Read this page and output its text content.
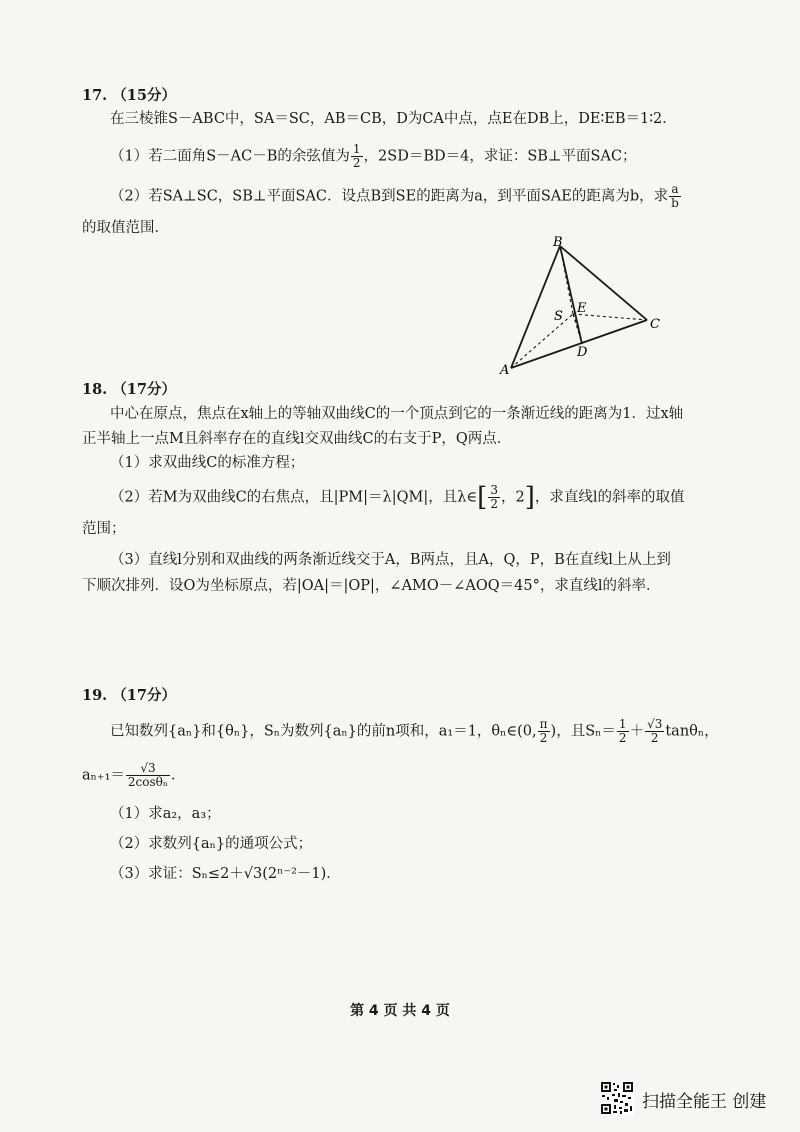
17. （15分）
在三棱锥S－ABC中，SA＝SC，AB＝CB，D为CA中点，点E在DB上，DE∶EB＝1∶2．
（1）若二面角S－AC－B的余弦值为 $\frac{1}{2}$ ，2SD＝BD＝4，求证：SB⊥平面SAC；
（2）若SA⊥SC，SB⊥平面SAC．设点B到SE的距离为a，到平面SAE的距离为b，求 $\frac{a}{b}$
的取值范围．
B
E
S
C
D
A
18. （17分）
中心在原点，焦点在x轴上的等轴双曲线C的一个顶点到它的一条渐近线的距离为1．过x轴
正半轴上一点M且斜率存在的直线l交双曲线C的右支于P，Q两点．
（1）求双曲线C的标准方程；
（2）若M为双曲线C的右焦点，且|PM|＝λ|QM|，且λ∈[ $\frac{3}{2}$ ，2]，求直线l的斜率的取值
范围；
（3）直线l分别和双曲线的两条渐近线交于A，B两点，且A，Q，P，B在直线l上从上到
下顺次排列．设O为坐标原点，若|OA|＝|OP|，∠AMO－∠AOQ＝45°，求直线l的斜率．
19. （17分）
已知数列{aₙ}和{θₙ}，Sₙ为数列{aₙ}的前n项和，a₁＝1，θₙ∈(0, $\frac{\pi}{2}$ )，且$S_n= \frac{1}{2} + \frac{√3}{2}$ tanθₙ，
$a_{n+1}= \frac{√3}{\text{2cosθₙ}}$ ．
（1）求a₂，a₃；
（2）求数列{aₙ}的通项公式；
（3）求证：Sₙ≤2＋√3(2ⁿ⁻²－1)．
第 4 页 共 4 页
扫描全能王 创建
